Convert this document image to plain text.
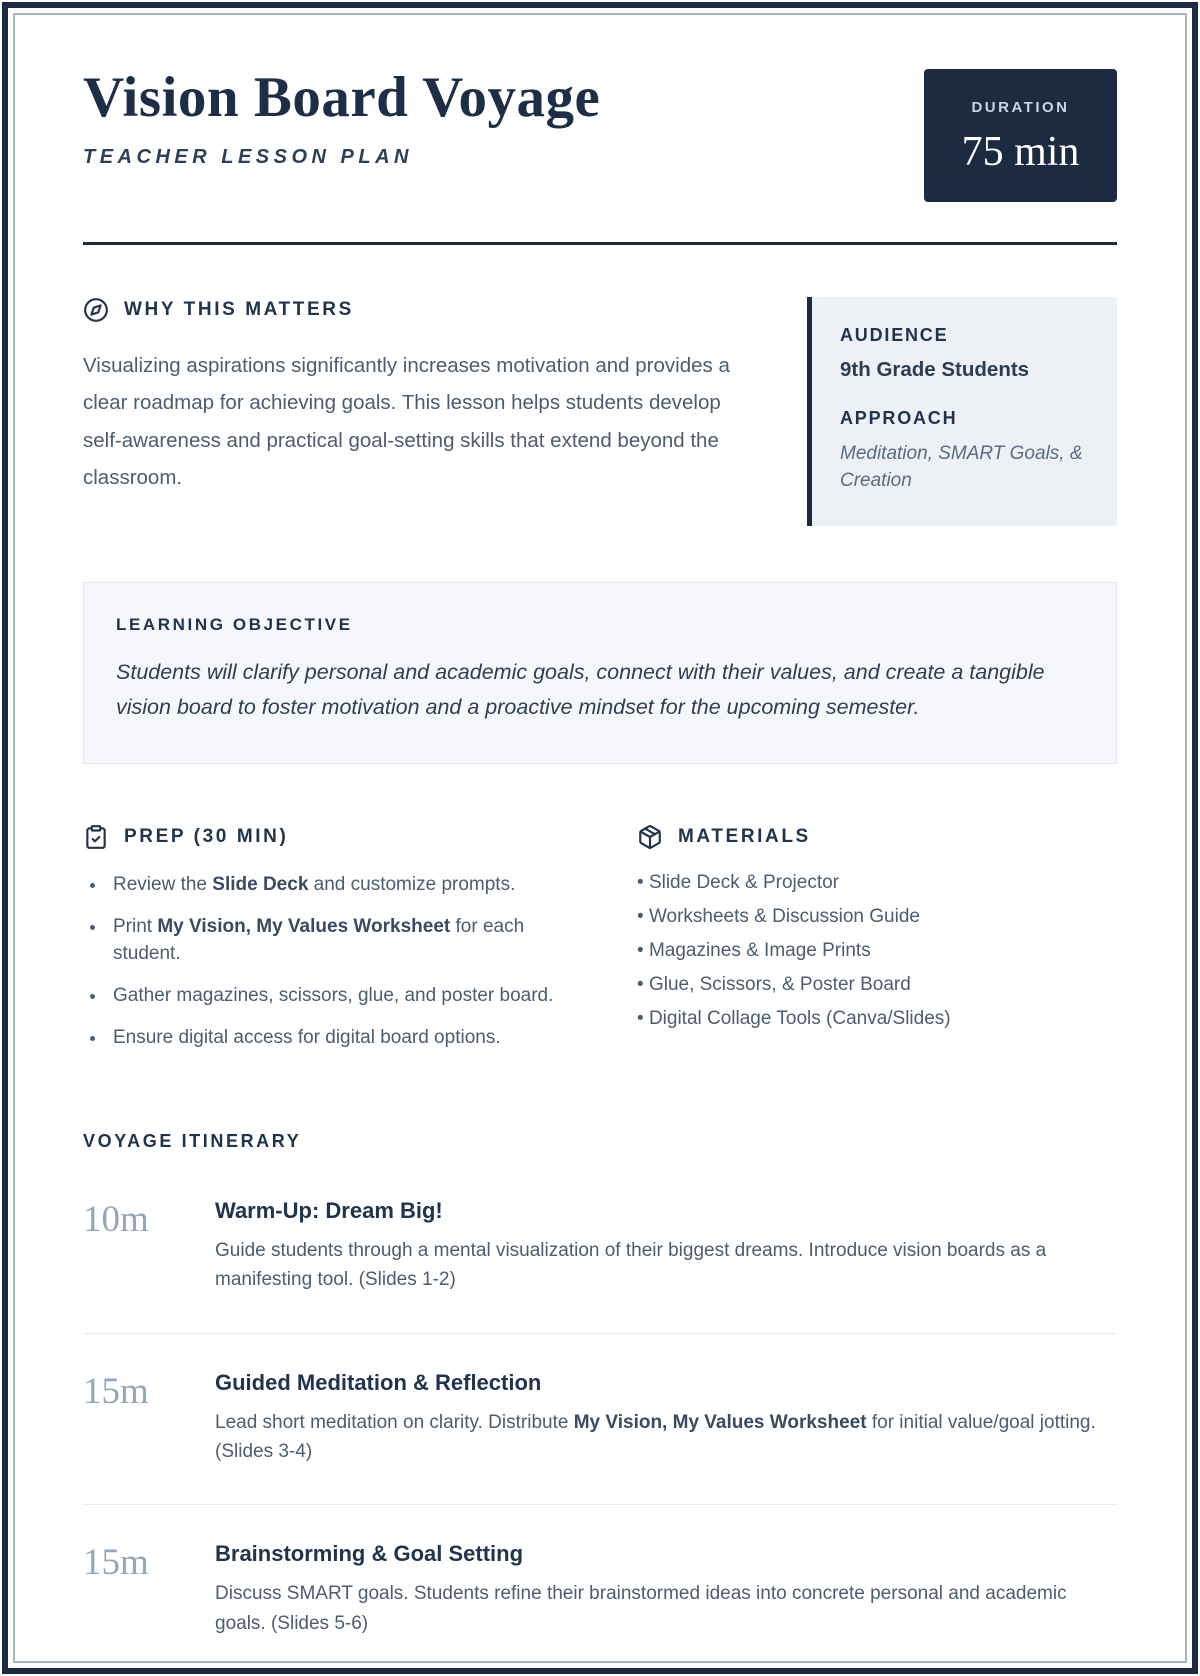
Vision Board Voyage
TEACHER LESSON PLAN
DURATION
75 min
WHY THIS MATTERS

Visualizing aspirations significantly increases motivation and provides a clear roadmap for achieving goals. This lesson helps students develop self-awareness and practical goal-setting skills that extend beyond the classroom.

AUDIENCE
9th Grade Students
APPROACH
Meditation, SMART Goals, & Creation
LEARNING OBJECTIVE

Students will clarify personal and academic goals, connect with their values, and create a tangible vision board to foster motivation and a proactive mindset for the upcoming semester.

PREP (30 MIN)
• Review the Slide Deck and customize prompts.
• Print My Vision, My Values Worksheet for each student.
• Gather magazines, scissors, glue, and poster board.
• Ensure digital access for digital board options.
MATERIALS
• Slide Deck & Projector
• Worksheets & Discussion Guide
• Magazines & Image Prints
• Glue, Scissors, & Poster Board
• Digital Collage Tools (Canva/Slides)
VOYAGE ITINERARY
10m	Warm-Up: Dream Big!

Guide students through a mental visualization of their biggest dreams. Introduce vision boards as a manifesting tool. (Slides 1-2)

15m	Guided Meditation & Reflection

Lead short meditation on clarity. Distribute My Vision, My Values Worksheet for initial value/goal jotting. (Slides 3-4)

15m	Brainstorming & Goal Setting

Discuss SMART goals. Students refine their brainstormed ideas into concrete personal and academic goals. (Slides 5-6)
